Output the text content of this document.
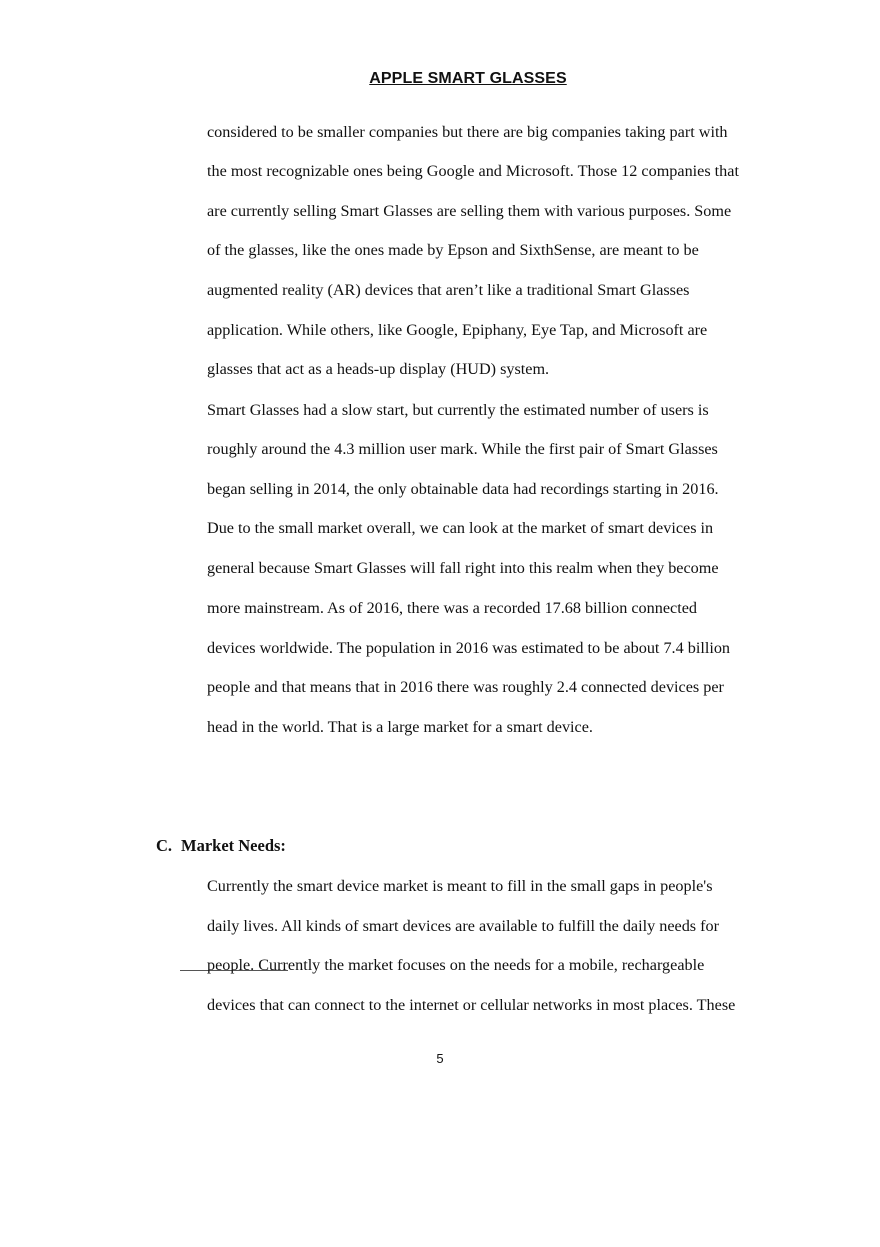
APPLE SMART GLASSES
considered to be smaller companies but there are big companies taking part with
the most recognizable ones being Google and Microsoft. Those 12 companies that
are currently selling Smart Glasses are selling them with various purposes. Some
of the glasses, like the ones made by Epson and SixthSense, are meant to be
augmented reality (AR) devices that aren’t like a traditional Smart Glasses
application. While others, like Google, Epiphany, Eye Tap, and Microsoft are
glasses that act as a heads-up display (HUD) system.
Smart Glasses had a slow start, but currently the estimated number of users is
roughly around the 4.3 million user mark. While the first pair of Smart Glasses
began selling in 2014, the only obtainable data had recordings starting in 2016.
Due to the small market overall, we can look at the market of smart devices in
general because Smart Glasses will fall right into this realm when they become
more mainstream. As of 2016, there was a recorded 17.68 billion connected
devices worldwide. The population in 2016 was estimated to be about 7.4 billion
people and that means that in 2016 there was roughly 2.4 connected devices per
head in the world. That is a large market for a smart device.
C. Market Needs:
Currently the smart device market is meant to fill in the small gaps in people's
daily lives. All kinds of smart devices are available to fulfill the daily needs for
people. Currently the market focuses on the needs for a mobile, rechargeable
devices that can connect to the internet or cellular networks in most places. These
5
